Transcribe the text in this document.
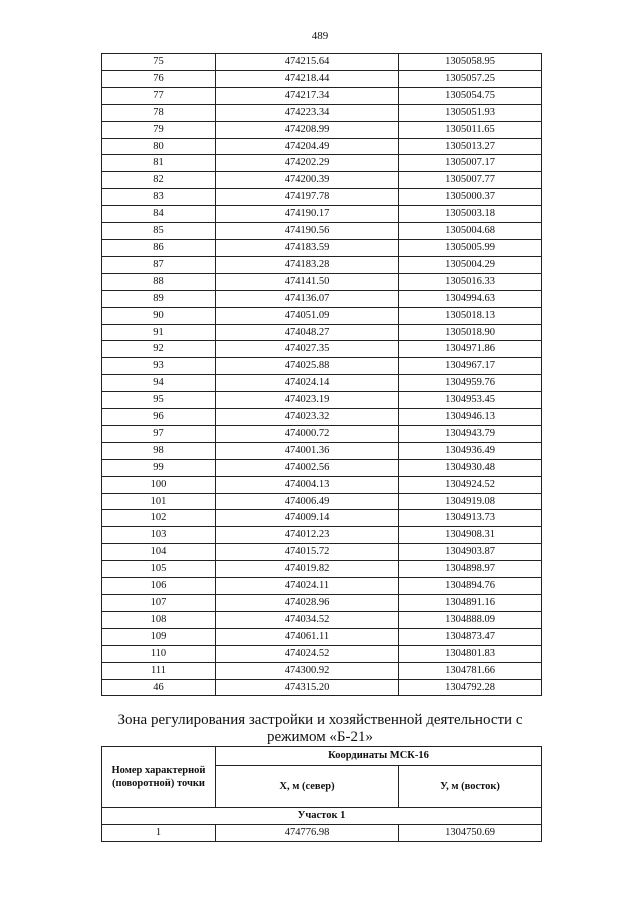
489
75	474215.64	1305058.95
76	474218.44	1305057.25
77	474217.34	1305054.75
78	474223.34	1305051.93
79	474208.99	1305011.65
80	474204.49	1305013.27
81	474202.29	1305007.17
82	474200.39	1305007.77
83	474197.78	1305000.37
84	474190.17	1305003.18
85	474190.56	1305004.68
86	474183.59	1305005.99
87	474183.28	1305004.29
88	474141.50	1305016.33
89	474136.07	1304994.63
90	474051.09	1305018.13
91	474048.27	1305018.90
92	474027.35	1304971.86
93	474025.88	1304967.17
94	474024.14	1304959.76
95	474023.19	1304953.45
96	474023.32	1304946.13
97	474000.72	1304943.79
98	474001.36	1304936.49
99	474002.56	1304930.48
100	474004.13	1304924.52
101	474006.49	1304919.08
102	474009.14	1304913.73
103	474012.23	1304908.31
104	474015.72	1304903.87
105	474019.82	1304898.97
106	474024.11	1304894.76
107	474028.96	1304891.16
108	474034.52	1304888.09
109	474061.11	1304873.47
110	474024.52	1304801.83
111	474300.92	1304781.66
46	474315.20	1304792.28
Зона регулирования застройки и хозяйственной деятельности с режимом «Б-21»
Номер характерной (поворотной) точки	Координаты МСК-16	
	X, м (север)	У, м (восток)
Участок 1		
1	474776.98	1304750.69
